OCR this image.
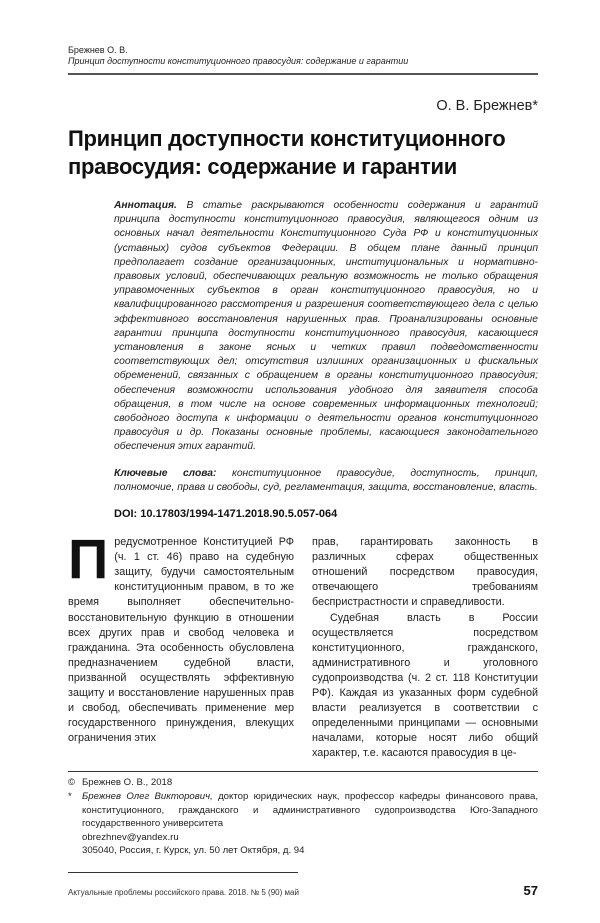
Брежнев О. В.
Принцип доступности конституционного правосудия: содержание и гарантии
О. В. Брежнев*
Принцип доступности конституционного правосудия: содержание и гарантии
Аннотация. В статье раскрываются особенности содержания и гарантий принципа доступности конституционного правосудия, являющегося одним из основных начал деятельности Конституционного Суда РФ и конституционных (уставных) судов субъектов Федерации. В общем плане данный принцип предполагает создание организационных, институциональных и нормативно-правовых условий, обеспечивающих реальную возможность не только обращения управомоченных субъектов в орган конституционного правосудия, но и квалифицированного рассмотрения и разрешения соответствующего дела с целью эффективного восстановления нарушенных прав. Проанализированы основные гарантии принципа доступности конституционного правосудия, касающиеся установления в законе ясных и четких правил подведомственности соответствующих дел; отсутствия излишних организационных и фискальных обременений, связанных с обращением в органы конституционного правосудия; обеспечения возможности использования удобного для заявителя способа обращения, в том числе на основе современных информационных технологий; свободного доступа к информации о деятельности органов конституционного правосудия и др. Показаны основные проблемы, касающиеся законодательного обеспечения этих гарантий.
Ключевые слова: конституционное правосудие, доступность, принцип, полномочие, права и свободы, суд, регламентация, защита, восстановление, власть.
DOI: 10.17803/1994-1471.2018.90.5.057-064

Предусмотренное Конституцией РФ (ч. 1 ст. 46) право на судебную защиту, будучи самостоятельным конституционным правом, в то же время выполняет обеспечительно-восстановительную функцию в отношении всех других прав и свобод человека и гражданина. Эта особенность обусловлена предназначением судебной власти, призванной осуществлять эффективную защиту и восстановление нарушенных прав и свобод, обеспечивать применение мер государственного принуждения, влекущих ограничения этих

прав, гарантировать законность в различных сферах общественных отношений посредством правосудия, отвечающего требованиям беспристрастности и справедливости.

Судебная власть в России осуществляется посредством конституционного, гражданского, административного и уголовного судопроизводства (ч. 2 ст. 118 Конституции РФ). Каждая из указанных форм судебной власти реализуется в соответствии с определенными принципами — основными началами, которые носят либо общий характер, т.е. касаются правосудия в це-

© Брежнев О. В., 2018
*	Брежнев Олег Викторович, доктор юридических наук, профессор кафедры финансового права, конституционного, гражданского и административного судопроизводства Юго-Западного государственного университета
obrezhnev@yandex.ru
305040, Россия, г. Курск, ул. 50 лет Октября, д. 94
Актуальные проблемы российского права. 2018. № 5 (90) май	57
